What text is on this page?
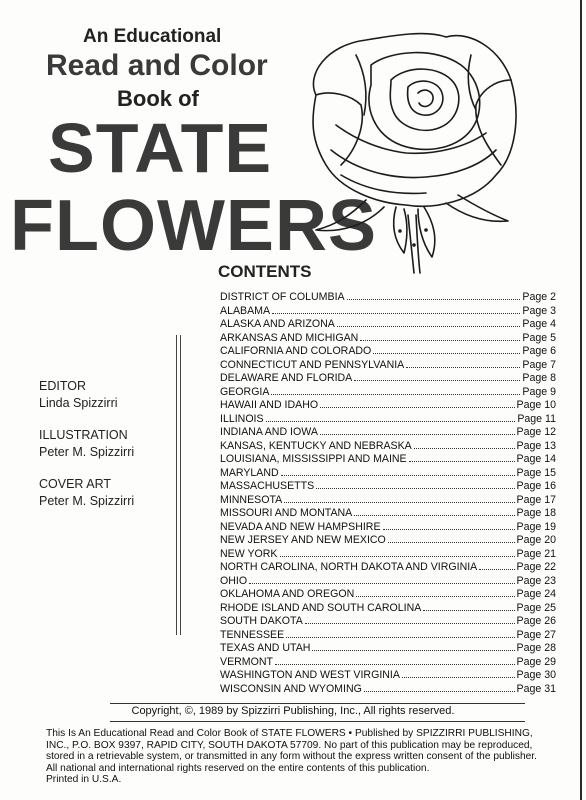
An Educational
Read and Color
Book of
STATE
FLOWERS
CONTENTS
EDITOR
Linda Spizzirri
ILLUSTRATION
Peter M. Spizzirri
COVER ART
Peter M. Spizzirri
DISTRICT OF COLUMBIA	Page 2
ALABAMA	Page 3
ALASKA AND ARIZONA	Page 4
ARKANSAS AND MICHIGAN	Page 5
CALIFORNIA AND COLORADO	Page 6
CONNECTICUT AND PENNSYLVANIA	Page 7
DELAWARE AND FLORIDA	Page 8
GEORGIA	Page 9
HAWAII AND IDAHO	Page 10
ILLINOIS	Page 11
INDIANA AND IOWA	Page 12
KANSAS, KENTUCKY AND NEBRASKA	Page 13
LOUISIANA, MISSISSIPPI AND MAINE	Page 14
MARYLAND	Page 15
MASSACHUSETTS	Page 16
MINNESOTA	Page 17
MISSOURI AND MONTANA	Page 18
NEVADA AND NEW HAMPSHIRE	Page 19
NEW JERSEY AND NEW MEXICO	Page 20
NEW YORK	Page 21
NORTH CAROLINA, NORTH DAKOTA AND VIRGINIA	Page 22
OHIO	Page 23
OKLAHOMA AND OREGON	Page 24
RHODE ISLAND AND SOUTH CAROLINA	Page 25
SOUTH DAKOTA	Page 26
TENNESSEE	Page 27
TEXAS AND UTAH	Page 28
VERMONT	Page 29
WASHINGTON AND WEST VIRGINIA	Page 30
WISCONSIN AND WYOMING	Page 31
Copyright, ©, 1989 by Spizzirri Publishing, Inc., All rights reserved.
This Is An Educational Read and Color Book of STATE FLOWERS • Published by SPIZZIRRI PUBLISHING,
INC., P.O. BOX 9397, RAPID CITY, SOUTH DAKOTA 57709. No part of this publication may be reproduced,
stored in a retrievable system, or transmitted in any form without the express written consent of the publisher.
All national and international rights reserved on the entire contents of this publication.
Printed in U.S.A.
